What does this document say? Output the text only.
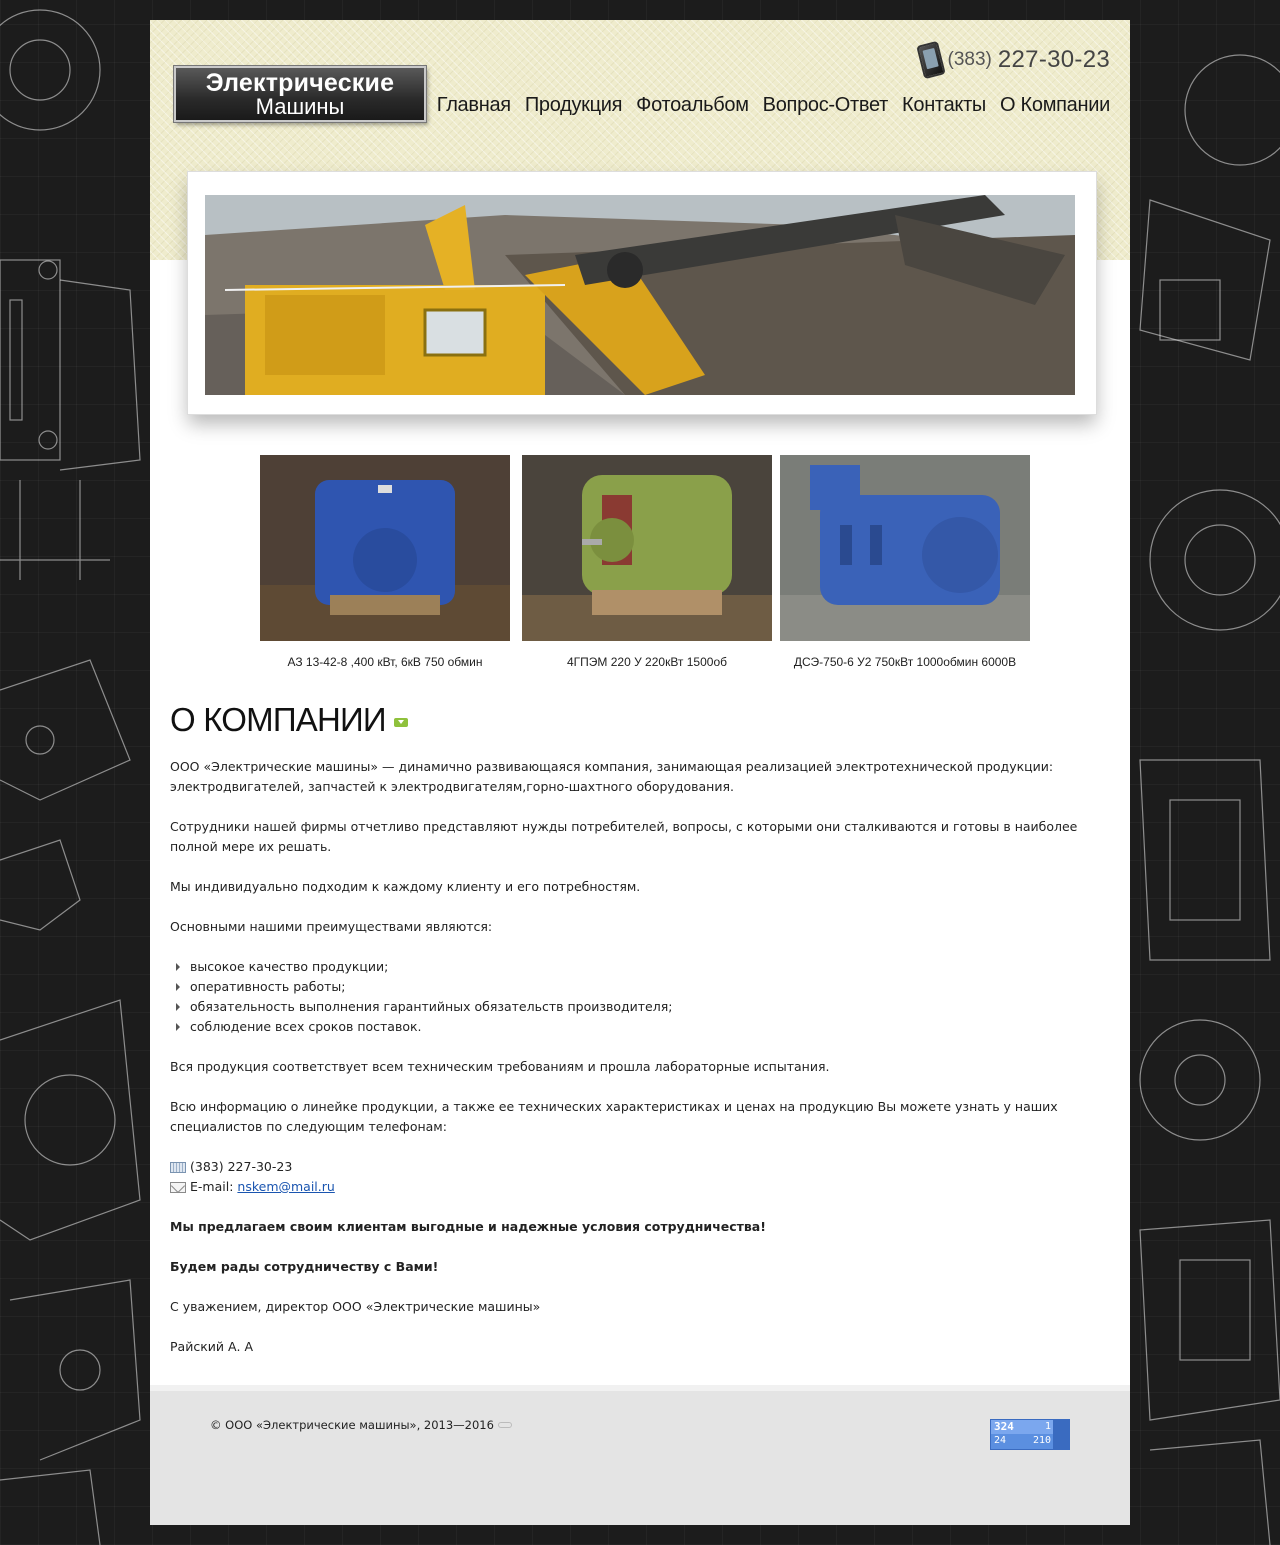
Электрические
Машины
(383) 227-30-23
Главная Продукция Фотоальбом Вопрос-Ответ Контакты О Компании
АЗ 13-42-8 ,400 кВт, 6кВ 750 обмин	4ГПЭМ 220 У 220кВт 1500об	ДСЭ-750-6 У2 750кВт 1000обмин 6000В
О КОМПАНИИ

ООО «Электрические машины» — динамично развивающаяся компания, занимающая реализацией электротехнической продукции: электродвигателей, запчастей к электродвигателям,горно-шахтного оборудования.

Сотрудники нашей фирмы отчетливо представляют нужды потребителей, вопросы, с которыми они сталкиваются и готовы в наиболее полной мере их решать.

Мы индивидуально подходим к каждому клиенту и его потребностям.

Основными нашими преимуществами являются:

высокое качество продукции;
оперативность работы;
обязательность выполнения гарантийных обязательств производителя;
соблюдение всех сроков поставок.

Вся продукция соответствует всем техническим требованиям и прошла лабораторные испытания.

Всю информацию о линейке продукции, а также ее технических характеристиках и ценах на продукцию Вы можете узнать у наших специалистов по следующим телефонам:

(383) 227-30-23
E-mail: nskem@mail.ru

Мы предлагаем своим клиентам выгодные и надежные условия сотрудничества!

Будем рады сотрудничеству с Вами!

С уважением, директор ООО «Электрические машины»

Райский А. А

© ООО «Электрические машины», 2013—2016	324	1
24	210
